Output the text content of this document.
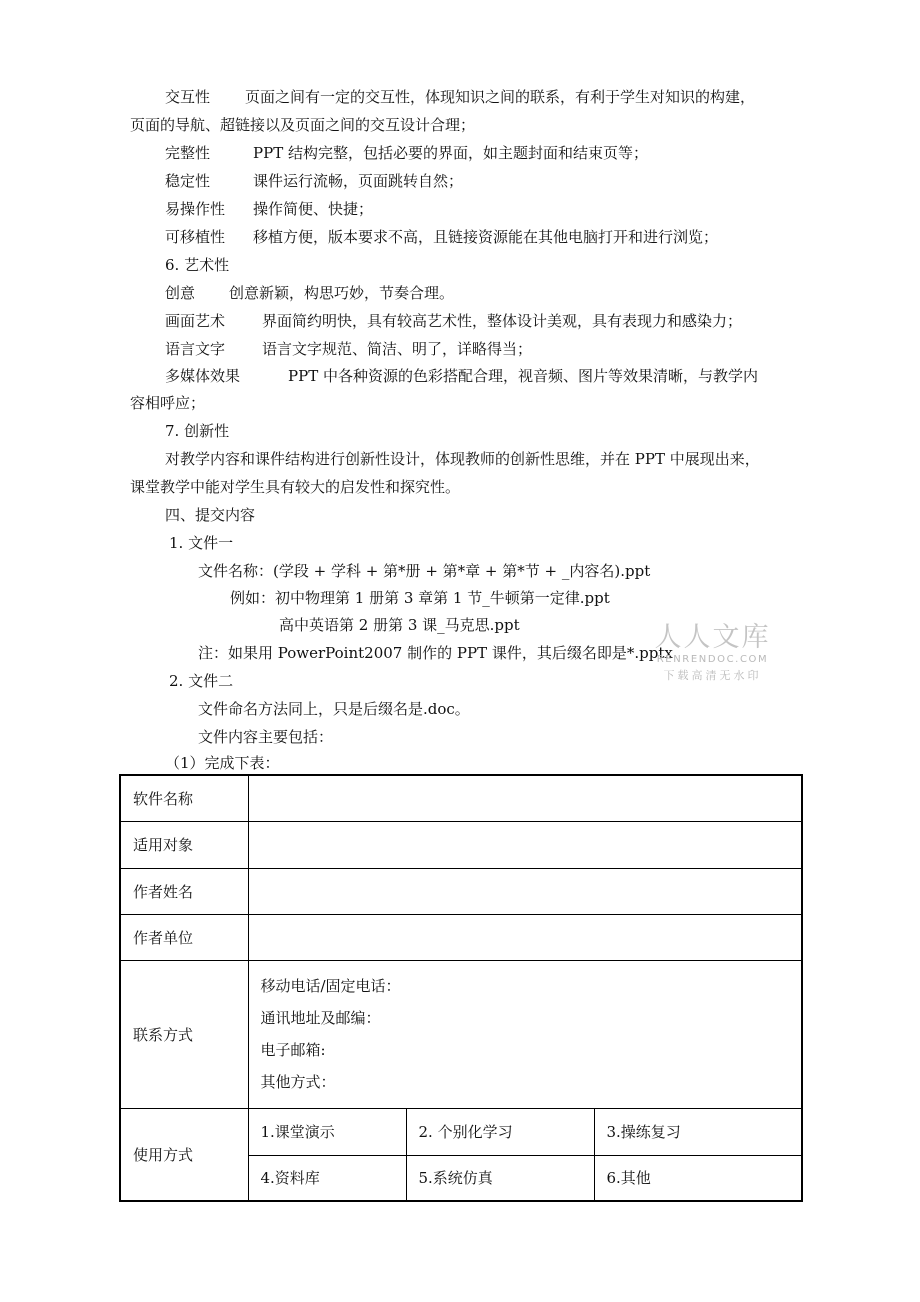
交互性 页面之间有一定的交互性，体现知识之间的联系，有利于学生对知识的构建，
页面的导航、超链接以及页面之间的交互设计合理；
完整性	PPT 结构完整，包括必要的界面，如主题封面和结束页等；
稳定性	课件运行流畅，页面跳转自然；
易操作性 操作简便、快捷；
可移植性 移植方便，版本要求不高，且链接资源能在其他电脑打开和进行浏览；
6. 艺术性
创意 创意新颖，构思巧妙，节奏合理。
画面艺术 界面简约明快，具有较高艺术性，整体设计美观，具有表现力和感染力；
语言文字 语言文字规范、简洁、明了，详略得当；
多媒体效果	PPT 中各种资源的色彩搭配合理，视音频、图片等效果清晰，与教学内
容相呼应；
7. 创新性
对教学内容和课件结构进行创新性设计，体现教师的创新性思维，并在 PPT 中展现出来，
课堂教学中能对学生具有较大的启发性和探究性。
四、提交内容
1. 文件一
文件名称：(学段 + 学科 + 第*册 + 第*章 + 第*节 + _内容名).ppt
例如：初中物理第 1 册第 3 章第 1 节_牛顿第一定律.ppt
高中英语第 2 册第 3 课_马克思.ppt
注：如果用 PowerPoint2007 制作的 PPT 课件，其后缀名即是*.pptx
2. 文件二
文件命名方法同上，只是后缀名是.doc。
文件内容主要包括：
（1）完成下表：
人人文库
RENRENDOC.COM
下载高清无水印
软件名称			
适用对象			
作者姓名			
作者单位			
联系方式	移动电话/固定电话：
通讯地址及邮编：
电子邮箱:
其他方式：		

使用方式	1.课堂演示	2. 个别化学习	3.操练复习
	4.资料库	5.系统仿真	6.其他
